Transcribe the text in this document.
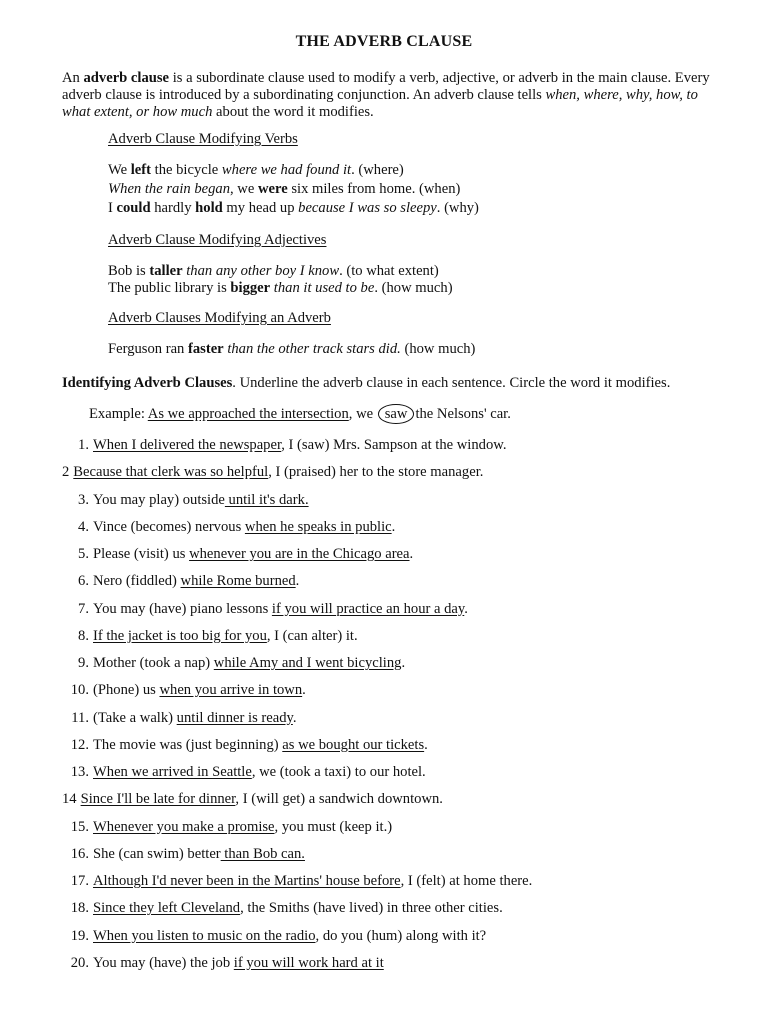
THE ADVERB CLAUSE

An adverb clause is a subordinate clause used to modify a verb, adjective, or adverb in the main clause. Every adverb clause is introduced by a subordinating conjunction. An adverb clause tells when, where, why, how, to what extent, or how much about the word it modifies.

Adverb Clause Modifying Verbs
We left the bicycle where we had found it. (where)
When the rain began, we were six miles from home. (when)
I could hardly hold my head up because I was so sleepy. (why)
Adverb Clause Modifying Adjectives
Bob is taller than any other boy I know. (to what extent)
The public library is bigger than it used to be. (how much)
Adverb Clauses Modifying an Adverb
Ferguson ran faster than the other track stars did. (how much)
Identifying Adverb Clauses. Underline the adverb clause in each sentence. Circle the word it modifies.
Example: As we approached the intersection, we saw the Nelsons' car.
1. When I delivered the newspaper, I (saw) Mrs. Sampson at the window.
2 Because that clerk was so helpful, I (praised) her to the store manager.
3. You may play) outside until it's dark.
4. Vince (becomes) nervous when he speaks in public.
5. Please (visit) us whenever you are in the Chicago area.
6. Nero (fiddled) while Rome burned.
7. You may (have) piano lessons if you will practice an hour a day.
8. If the jacket is too big for you, I (can alter) it.
9. Mother (took a nap) while Amy and I went bicycling.
10. (Phone) us when you arrive in town.
11. (Take a walk) until dinner is ready.
12. The movie was (just beginning) as we bought our tickets.
13. When we arrived in Seattle, we (took a taxi) to our hotel.
14 Since I'll be late for dinner, I (will get) a sandwich downtown.
15. Whenever you make a promise, you must (keep it.)
16. She (can swim) better than Bob can.
17. Although I'd never been in the Martins' house before, I (felt) at home there.
18. Since they left Cleveland, the Smiths (have lived) in three other cities.
19. When you listen to music on the radio, do you (hum) along with it?
20. You may (have) the job if you will work hard at it
